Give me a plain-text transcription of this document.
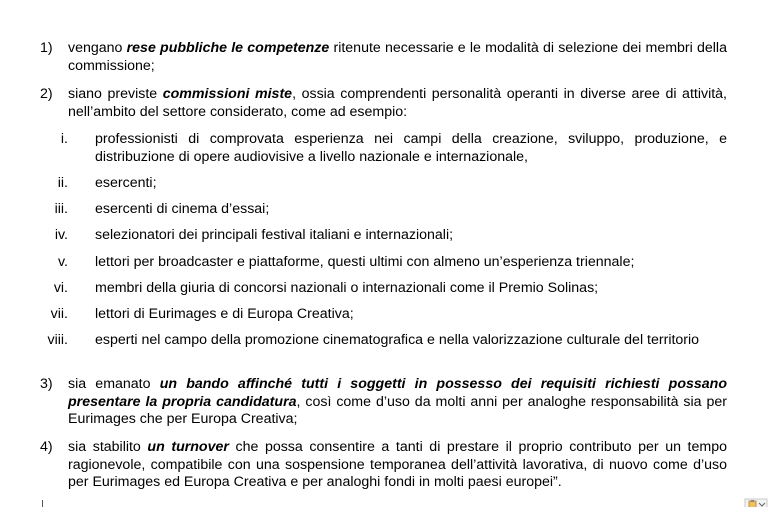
1)	vengano rese pubbliche le competenze ritenute necessarie e le modalità di selezione dei membri della commissione;
2)	siano previste commissioni miste, ossia comprendenti personalità operanti in diverse aree di attività, nell’ambito del settore considerato, come ad esempio:
i. professionisti di comprovata esperienza nei campi della creazione, sviluppo, produzione, e distribuzione di opere audiovisive a livello nazionale e internazionale,
ii. esercenti;
iii. esercenti di cinema d’essai;
iv. selezionatori dei principali festival italiani e internazionali;
v. lettori per broadcaster e piattaforme, questi ultimi con almeno un’esperienza triennale;
vi. membri della giuria di concorsi nazionali o internazionali come il Premio Solinas;
vii. lettori di Eurimages e di Europa Creativa;
viii. esperti nel campo della promozione cinematografica e nella valorizzazione culturale del territorio
3)	sia emanato un bando affinché tutti i soggetti in possesso dei requisiti richiesti possano presentare la propria candidatura, così come d’uso da molti anni per analoghe responsabilità sia per Eurimages che per Europa Creativa;
4)	sia stabilito un turnover che possa consentire a tanti di prestare il proprio contributo per un tempo ragionevole, compatibile con una sospensione temporanea dell’attività lavorativa, di nuovo come d’uso per Eurimages ed Europa Creativa e per analoghi fondi in molti paesi europei”.
